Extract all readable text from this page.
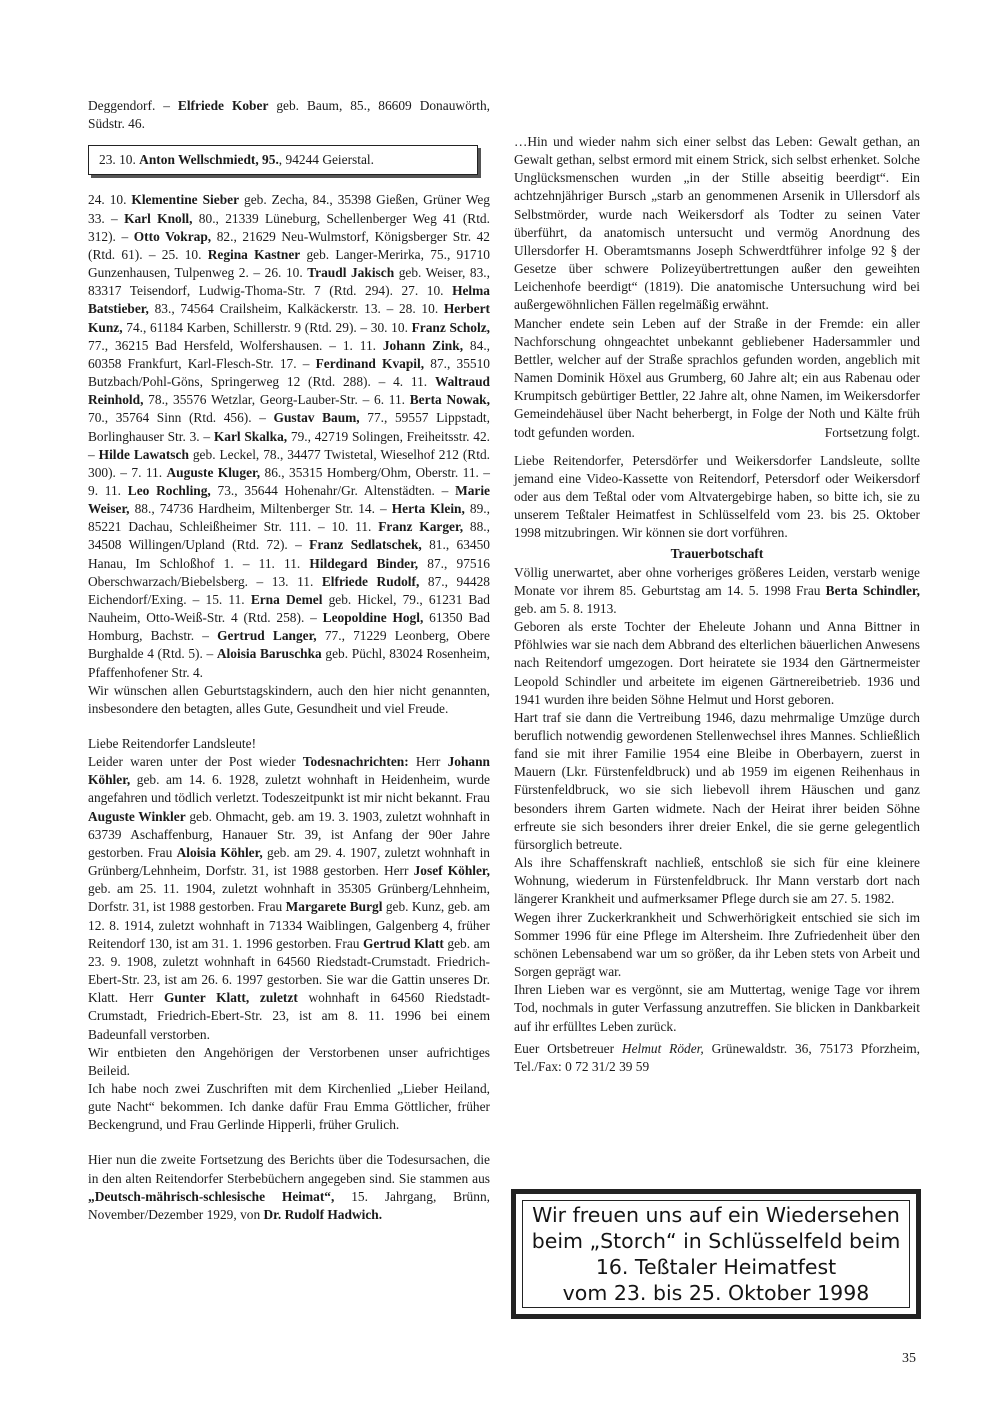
Deggendorf. – Elfriede Kober geb. Baum, 85., 86609 Donauwörth, Südstr. 46.

23. 10. Anton Wellschmiedt, 95., 94244 Geierstal.

24. 10. Klementine Sieber geb. Zecha, 84., 35398 Gießen, Grüner Weg 33. – Karl Knoll, 80., 21339 Lüneburg, Schellenberger Weg 41 (Rtd. 312). – Otto Vokrap, 82., 21629 Neu-Wulmstorf, Königsberger Str. 42 (Rtd. 61). – 25. 10. Regina Kastner geb. Langer-Merirka, 75., 91710 Gunzenhausen, Tulpenweg 2. – 26. 10. Traudl Jakisch geb. Weiser, 83., 83317 Teisendorf, Ludwig-Thoma-Str. 7 (Rtd. 294). 27. 10. Helma Batstieber, 83., 74564 Crailsheim, Kalkäckerstr. 13. – 28. 10. Herbert Kunz, 74., 61184 Karben, Schillerstr. 9 (Rtd. 29). – 30. 10. Franz Scholz, 77., 36215 Bad Hersfeld, Wolfershausen. – 1. 11. Johann Zink, 84., 60358 Frankfurt, Karl-Flesch-Str. 17. – Ferdinand Kvapil, 87., 35510 Butzbach/Pohl-Göns, Springerweg 12 (Rtd. 288). – 4. 11. Waltraud Reinhold, 78., 35576 Wetzlar, Georg-Lauber-Str. – 6. 11. Berta Nowak, 70., 35764 Sinn (Rtd. 456). – Gustav Baum, 77., 59557 Lippstadt, Borlinghauser Str. 3. – Karl Skalka, 79., 42719 Solingen, Freiheitsstr. 42. – Hilde Lawatsch geb. Leckel, 78., 34477 Twistetal, Wieselhof 212 (Rtd. 300). – 7. 11. Auguste Kluger, 86., 35315 Homberg/Ohm, Oberstr. 11. – 9. 11. Leo Rochling, 73., 35644 Hohenahr/Gr. Altenstädten. – Marie Weiser, 88., 74736 Hardheim, Miltenberger Str. 14. – Herta Klein, 89., 85221 Dachau, Schleißheimer Str. 111. – 10. 11. Franz Karger, 88., 34508 Willingen/Upland (Rtd. 72). – Franz Sedlatschek, 81., 63450 Hanau, Im Schloßhof 1. – 11. 11. Hildegard Binder, 87., 97516 Oberschwarzach/Biebelsberg. – 13. 11. Elfriede Rudolf, 87., 94428 Eichendorf/Exing. – 15. 11. Erna Demel geb. Hickel, 79., 61231 Bad Nauheim, Otto-Weiß-Str. 4 (Rtd. 258). – Leopoldine Hogl, 61350 Bad Homburg, Bachstr. – Gertrud Langer, 77., 71229 Leonberg, Obere Burghalde 4 (Rtd. 5). – Aloisia Baruschka geb. Püchl, 83024 Rosenheim, Pfaffenhofener Str. 4.

Wir wünschen allen Geburtstagskindern, auch den hier nicht genannten, insbesondere den betagten, alles Gute, Gesundheit und viel Freude.

Liebe Reitendorfer Landsleute!

Leider waren unter der Post wieder Todesnachrichten: Herr Johann Köhler, geb. am 14. 6. 1928, zuletzt wohnhaft in Heidenheim, wurde angefahren und tödlich verletzt. Todeszeitpunkt ist mir nicht bekannt. Frau Auguste Winkler geb. Ohmacht, geb. am 19. 3. 1903, zuletzt wohnhaft in 63739 Aschaffenburg, Hanauer Str. 39, ist Anfang der 90er Jahre gestorben. Frau Aloisia Köhler, geb. am 29. 4. 1907, zuletzt wohnhaft in Grünberg/Lehnheim, Dorfstr. 31, ist 1988 gestorben. Herr Josef Köhler, geb. am 25. 11. 1904, zuletzt wohnhaft in 35305 Grünberg/Lehnheim, Dorfstr. 31, ist 1988 gestorben. Frau Margarete Burgl geb. Kunz, geb. am 12. 8. 1914, zuletzt wohnhaft in 71334 Waiblingen, Galgenberg 4, früher Reitendorf 130, ist am 31. 1. 1996 gestorben. Frau Gertrud Klatt geb. am 23. 9. 1908, zuletzt wohnhaft in 64560 Riedstadt-Crumstadt. Friedrich-Ebert-Str. 23, ist am 26. 6. 1997 gestorben. Sie war die Gattin unseres Dr. Klatt. Herr Gunter Klatt, zuletzt wohnhaft in 64560 Riedstadt-Crumstadt, Friedrich-Ebert-Str. 23, ist am 8. 11. 1996 bei einem Badeunfall verstorben.

Wir entbieten den Angehörigen der Verstorbenen unser aufrichtiges Beileid.

Ich habe noch zwei Zuschriften mit dem Kirchenlied „Lieber Heiland, gute Nacht“ bekommen. Ich danke dafür Frau Emma Göttlicher, früher Beckengrund, und Frau Gerlinde Hipperli, früher Grulich.

Hier nun die zweite Fortsetzung des Berichts über die Todesursachen, die in den alten Reitendorfer Sterbebüchern angegeben sind. Sie stammen aus „Deutsch-mährisch-schlesische Heimat“, 15. Jahrgang, Brünn, November/Dezember 1929, von Dr. Rudolf Hadwich.

…Hin und wieder nahm sich einer selbst das Leben: Gewalt gethan, an Gewalt gethan, selbst ermord mit einem Strick, sich selbst erhenket. Solche Unglücksmenschen wurden „in der Stille abseitig beerdigt“. Ein achtzehnjähriger Bursch „starb an genommenen Arsenik in Ullersdorf als Selbstmörder, wurde nach Weikersdorf als Todter zu seinen Vater überführt, da anatomisch untersucht und vermög Anordnung des Ullersdorfer H. Oberamtsmanns Joseph Schwerdtführer infolge 92 § der Gesetze über schwere Polizeyübertrettungen außer den geweihten Leichenhofe beerdigt“ (1819). Die anatomische Untersuchung wird bei außergewöhnlichen Fällen regelmäßig erwähnt.

Mancher endete sein Leben auf der Straße in der Fremde: ein aller Nachforschung ohngeachtet unbekannt gebliebener Hadersammler und Bettler, welcher auf der Straße sprachlos gefunden worden, angeblich mit Namen Dominik Höxel aus Grumberg, 60 Jahre alt; ein aus Rabenau oder Krumpitsch gebürtiger Bettler, 22 Jahre alt, ohne Namen, im Weikersdorfer Gemeindehäusel über Nacht beherbergt, in Folge der Noth und Kälte früh todt gefunden worden.	Fortsetzung folgt.

Liebe Reitendorfer, Petersdörfer und Weikersdorfer Landsleute, sollte jemand eine Video-Kassette von Reitendorf, Petersdorf oder Weikersdorf oder aus dem Teßtal oder vom Altvatergebirge haben, so bitte ich, sie zu unserem Teßtaler Heimatfest in Schlüsselfeld vom 23. bis 25. Oktober 1998 mitzubringen. Wir können sie dort vorführen.

Trauerbotschaft

Völlig unerwartet, aber ohne vorheriges größeres Leiden, verstarb wenige Monate vor ihrem 85. Geburtstag am 14. 5. 1998 Frau Berta Schindler, geb. am 5. 8. 1913.

Geboren als erste Tochter der Eheleute Johann und Anna Bittner in Pföhlwies war sie nach dem Abbrand des elterlichen bäuerlichen Anwesens nach Reitendorf umgezogen. Dort heiratete sie 1934 den Gärtnermeister Leopold Schindler und arbeitete im eigenen Gärtnereibetrieb. 1936 und 1941 wurden ihre beiden Söhne Helmut und Horst geboren.

Hart traf sie dann die Vertreibung 1946, dazu mehrmalige Umzüge durch beruflich notwendig gewordenen Stellenwechsel ihres Mannes. Schließlich fand sie mit ihrer Familie 1954 eine Bleibe in Oberbayern, zuerst in Mauern (Lkr. Fürstenfeldbruck) und ab 1959 im eigenen Reihenhaus in Fürstenfeldbruck, wo sie sich liebevoll ihrem Häuschen und ganz besonders ihrem Garten widmete. Nach der Heirat ihrer beiden Söhne erfreute sie sich besonders ihrer dreier Enkel, die sie gerne gelegentlich fürsorglich betreute.

Als ihre Schaffenskraft nachließ, entschloß sie sich für eine kleinere Wohnung, wiederum in Fürstenfeldbruck. Ihr Mann verstarb dort nach längerer Krankheit und aufmerksamer Pflege durch sie am 27. 5. 1982.

Wegen ihrer Zuckerkrankheit und Schwerhörigkeit entschied sie sich im Sommer 1996 für eine Pflege im Altersheim. Ihre Zufriedenheit über den schönen Lebensabend war um so größer, da ihr Leben stets von Arbeit und Sorgen geprägt war.

Ihren Lieben war es vergönnt, sie am Muttertag, wenige Tage vor ihrem Tod, nochmals in guter Verfassung anzutreffen. Sie blicken in Dankbarkeit auf ihr erfülltes Leben zurück.

Euer Ortsbetreuer Helmut Röder, Grünewaldstr. 36, 75173 Pforzheim, Tel./Fax: 0 72 31/2 39 59

Wir freuen uns auf ein Wiedersehen
beim „Storch“ in Schlüsselfeld beim
16. Teßtaler Heimatfest
vom 23. bis 25. Oktober 1998
35
